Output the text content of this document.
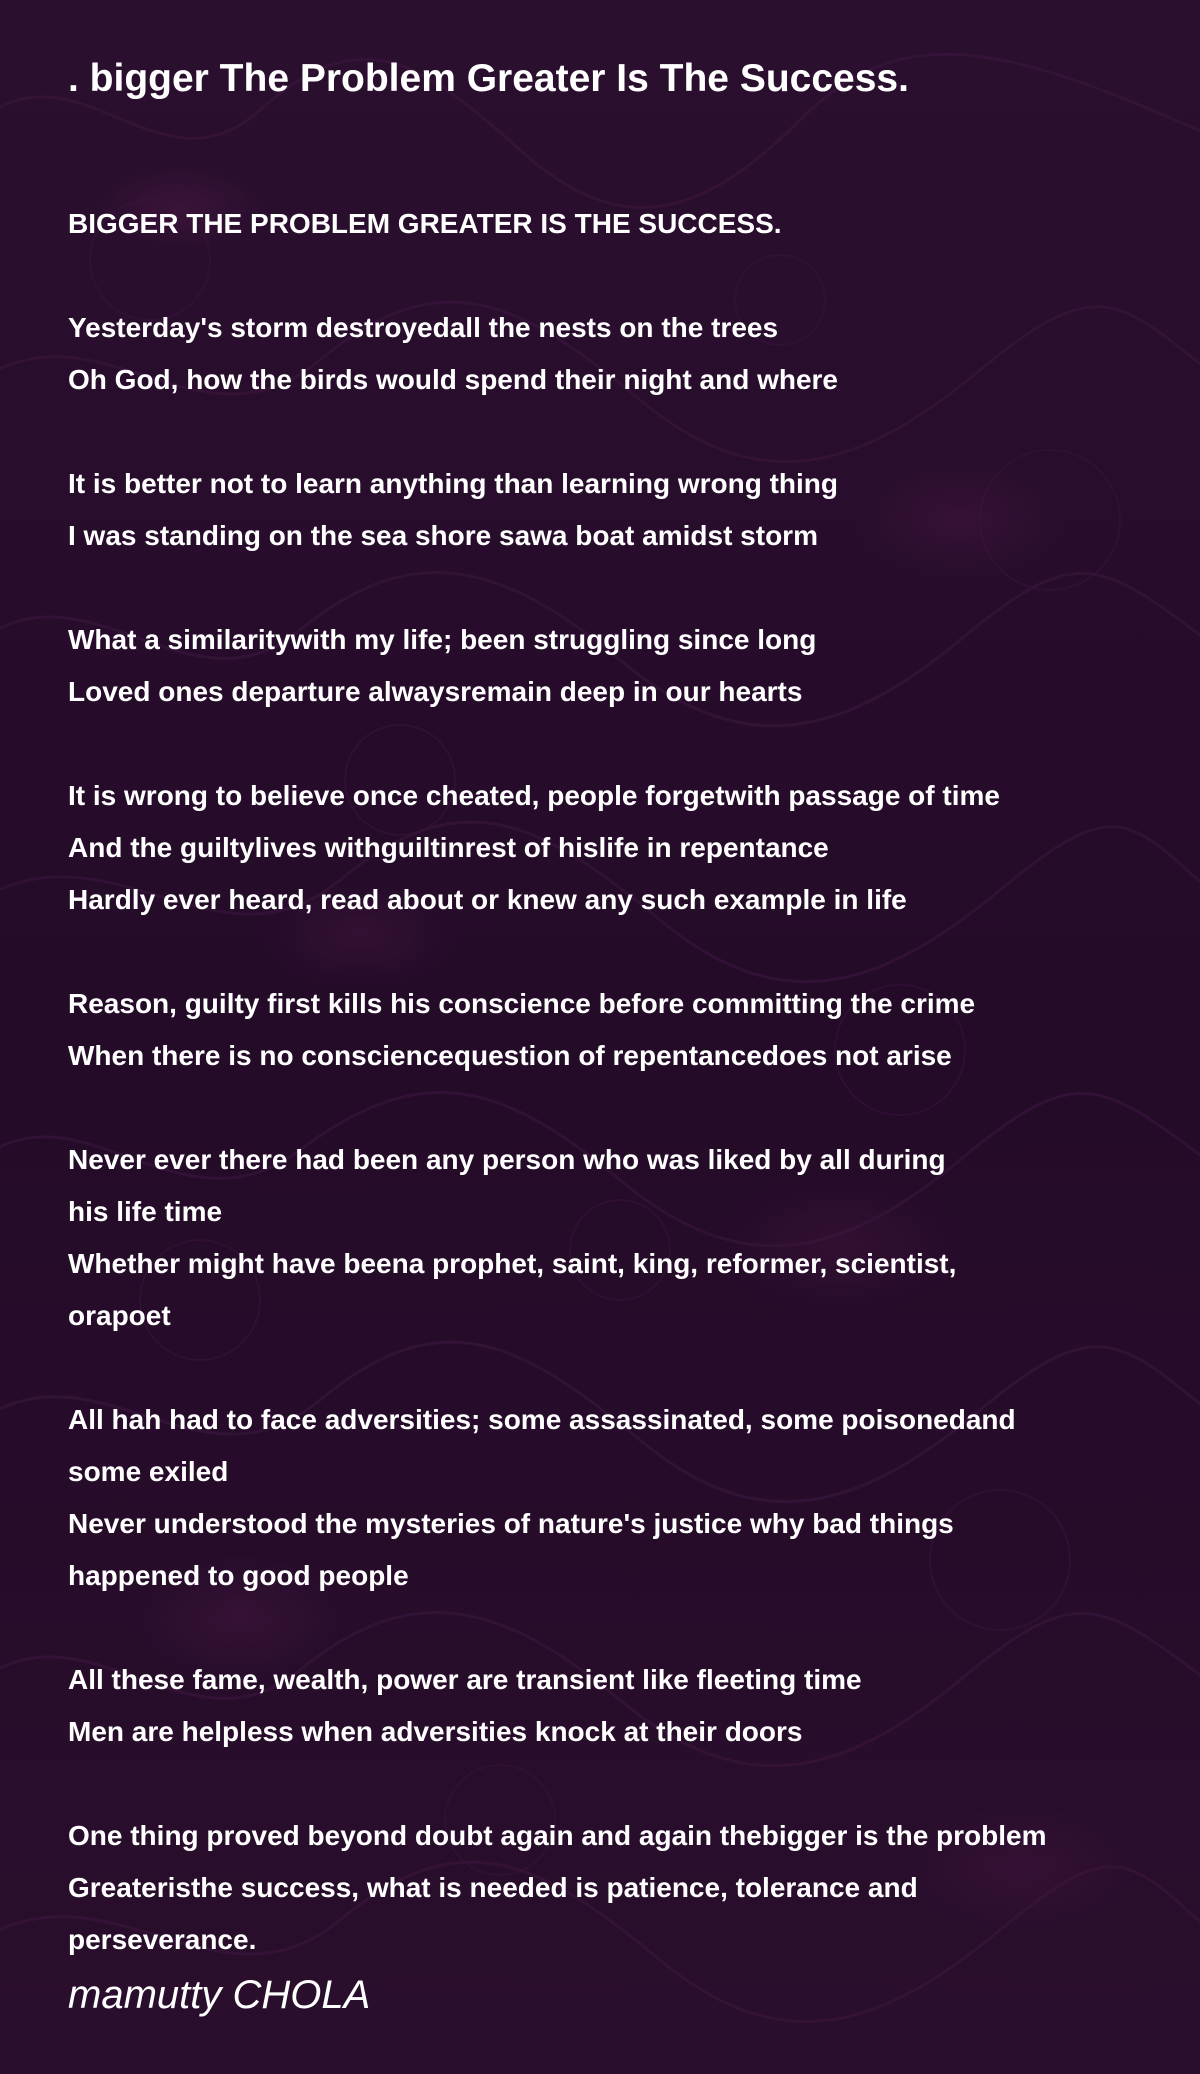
. bigger The Problem Greater Is The Success.
BIGGER THE PROBLEM GREATER IS THE SUCCESS.
Yesterday's storm destroyedall the nests on the trees
Oh God, how the birds would spend their night and where
It is better not to learn anything than learning wrong thing
I was standing on the sea shore sawa boat amidst storm
What a similaritywith my life; been struggling since long
Loved ones departure alwaysremain deep in our hearts
It is wrong to believe once cheated, people forgetwith passage of time
And the guiltylives withguiltinrest of hislife in repentance
Hardly ever heard, read about or knew any such example in life
Reason, guilty first kills his conscience before committing the crime
When there is no consciencequestion of repentancedoes not arise
Never ever there had been any person who was liked by all during
his life time
Whether might have beena prophet, saint, king, reformer, scientist,
orapoet
All hah had to face adversities; some assassinated, some poisonedand
some exiled
Never understood the mysteries of nature's justice why bad things
happened to good people
All these fame, wealth, power are transient like fleeting time
Men are helpless when adversities knock at their doors
One thing proved beyond doubt again and again thebigger is the problem
Greateristhe success, what is needed is patience, tolerance and
perseverance.
mamutty CHOLA
